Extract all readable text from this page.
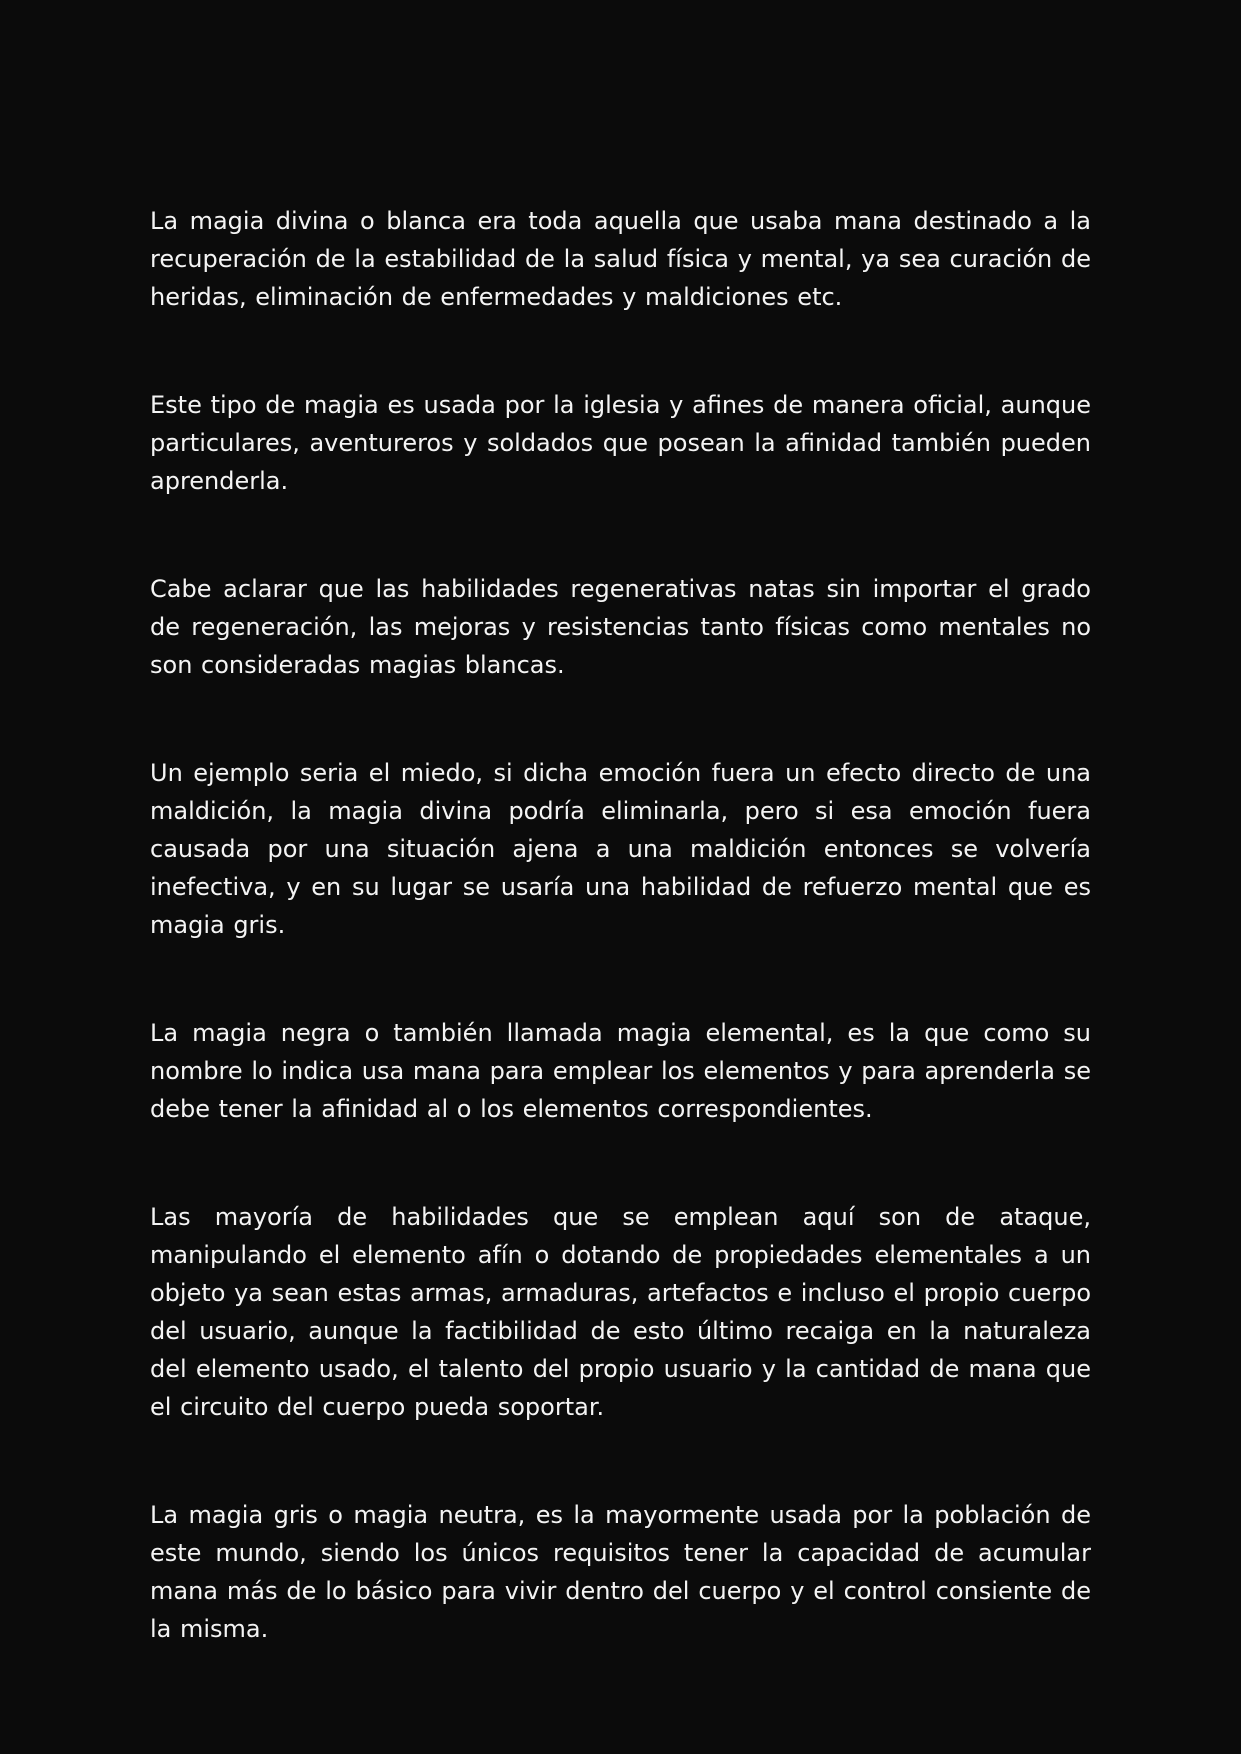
La magia divina o blanca era toda aquella que usaba mana destinado a la recuperación de la estabilidad de la salud física y mental, ya sea curación de heridas, eliminación de enfermedades y maldiciones etc.

Este tipo de magia es usada por la iglesia y afines de manera oficial, aunque particulares, aventureros y soldados que posean la afinidad también pueden aprenderla.

Cabe aclarar que las habilidades regenerativas natas sin importar el grado de regeneración, las mejoras y resistencias tanto físicas como mentales no son consideradas magias blancas.

Un ejemplo seria el miedo, si dicha emoción fuera un efecto directo de una maldición, la magia divina podría eliminarla, pero si esa emoción fuera causada por una situación ajena a una maldición entonces se volvería inefectiva, y en su lugar se usaría una habilidad de refuerzo mental que es magia gris.

La magia negra o también llamada magia elemental, es la que como su nombre lo indica usa mana para emplear los elementos y para aprenderla se debe tener la afinidad al o los elementos correspondientes.

Las mayoría de habilidades que se emplean aquí son de ataque, manipulando el elemento afín o dotando de propiedades elementales a un objeto ya sean estas armas, armaduras, artefactos e incluso el propio cuerpo del usuario, aunque la factibilidad de esto último recaiga en la naturaleza del elemento usado, el talento del propio usuario y la cantidad de mana que el circuito del cuerpo pueda soportar.

La magia gris o magia neutra, es la mayormente usada por la población de este mundo, siendo los únicos requisitos tener la capacidad de acumular mana más de lo básico para vivir dentro del cuerpo y el control consiente de la misma.
